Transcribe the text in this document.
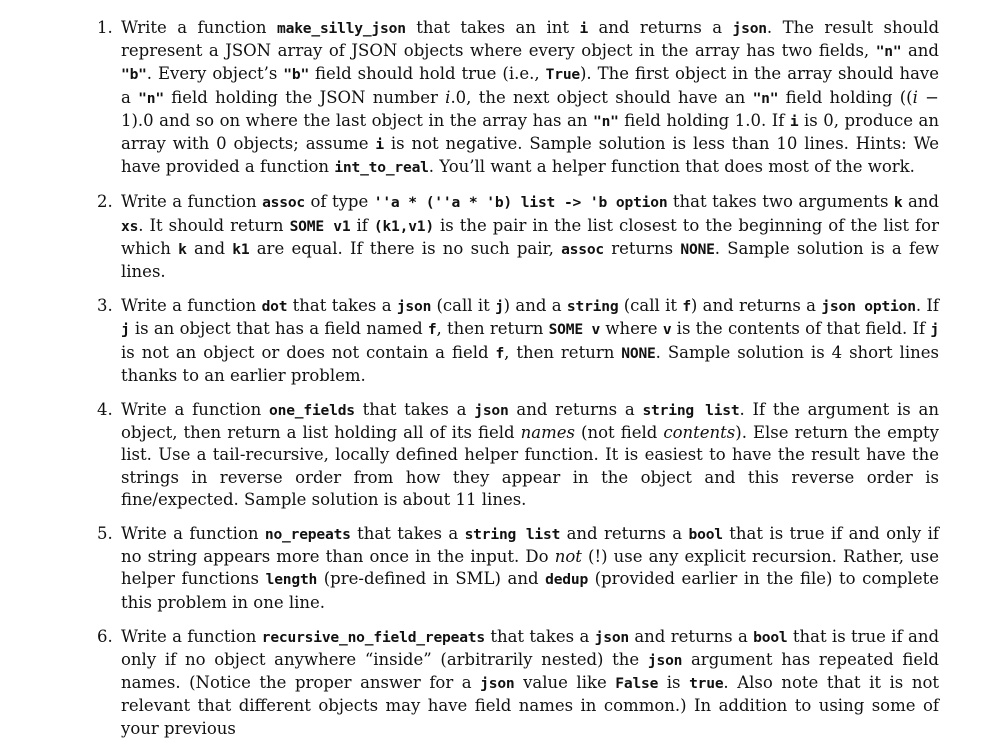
1. Write a function make_silly_json that takes an int i and returns a json. The result should represent a JSON array of JSON objects where every object in the array has two fields, "n" and "b". Every object’s "b" field should hold true (i.e., True). The first object in the array should have a "n" field holding the JSON number i.0, the next object should have an "n" field holding ((i − 1).0 and so on where the last object in the array has an "n" field holding 1.0. If i is 0, produce an array with 0 objects; assume i is not negative. Sample solution is less than 10 lines. Hints: We have provided a function int_to_real. You’ll want a helper function that does most of the work.
2. Write a function assoc of type ''a * (''a * 'b) list -> 'b option that takes two arguments k and xs. It should return SOME v1 if (k1,v1) is the pair in the list closest to the beginning of the list for which k and k1 are equal. If there is no such pair, assoc returns NONE. Sample solution is a few lines.
3. Write a function dot that takes a json (call it j) and a string (call it f) and returns a json option. If j is an object that has a field named f, then return SOME v where v is the contents of that field. If j is not an object or does not contain a field f, then return NONE. Sample solution is 4 short lines thanks to an earlier problem.
4. Write a function one_fields that takes a json and returns a string list. If the argument is an object, then return a list holding all of its field names (not field contents). Else return the empty list. Use a tail-recursive, locally defined helper function. It is easiest to have the result have the strings in reverse order from how they appear in the object and this reverse order is fine/expected. Sample solution is about 11 lines.
5. Write a function no_repeats that takes a string list and returns a bool that is true if and only if no string appears more than once in the input. Do not (!) use any explicit recursion. Rather, use helper functions length (pre-defined in SML) and dedup (provided earlier in the file) to complete this problem in one line.
6. Write a function recursive_no_field_repeats that takes a json and returns a bool that is true if and only if no object anywhere “inside” (arbitrarily nested) the json argument has repeated field names. (Notice the proper answer for a json value like False is true. Also note that it is not relevant that different objects may have field names in common.) In addition to using some of your previous
